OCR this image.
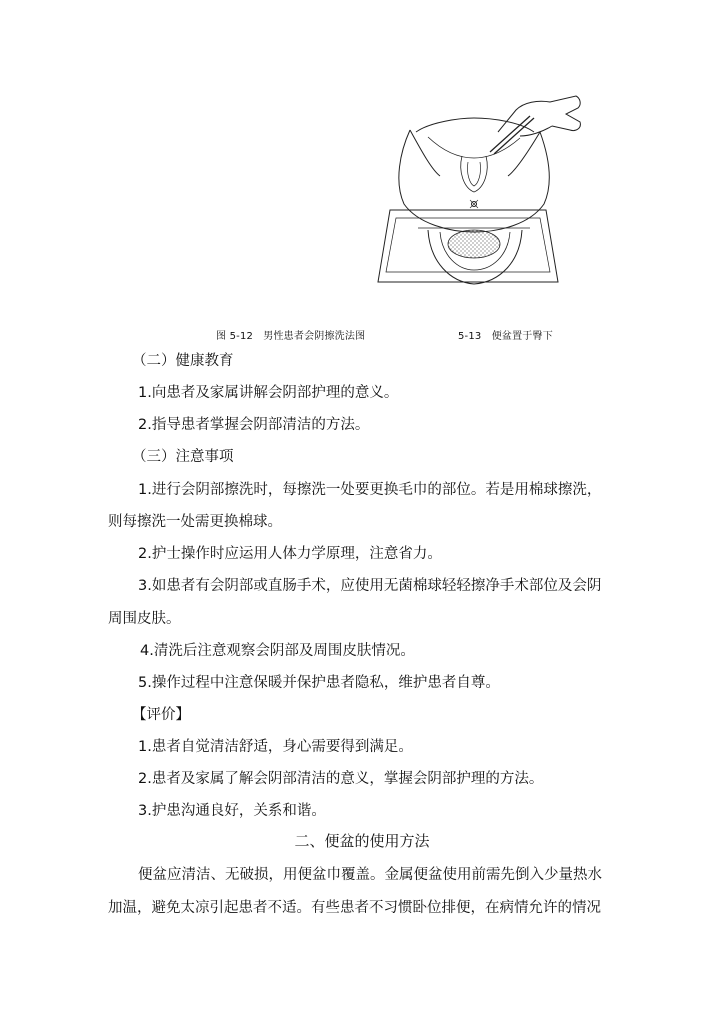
图 5-12　男性患者会阴擦洗法图	5-13　便盆置于臀下
（二）健康教育
1.向患者及家属讲解会阴部护理的意义。
2.指导患者掌握会阴部清洁的方法。
（三）注意事项
1.进行会阴部擦洗时，每擦洗一处要更换毛巾的部位。若是用棉球擦洗，
则每擦洗一处需更换棉球。
2.护士操作时应运用人体力学原理，注意省力。
3.如患者有会阴部或直肠手术，应使用无菌棉球轻轻擦净手术部位及会阴
周围皮肤。
4.清洗后注意观察会阴部及周围皮肤情况。
5.操作过程中注意保暖并保护患者隐私，维护患者自尊。
【评价】
1.患者自觉清洁舒适，身心需要得到满足。
2.患者及家属了解会阴部清洁的意义，掌握会阴部护理的方法。
3.护患沟通良好，关系和谐。
二、便盆的使用方法
便盆应清洁、无破损，用便盆巾覆盖。金属便盆使用前需先倒入少量热水
加温，避免太凉引起患者不适。有些患者不习惯卧位排便，在病情允许的情况
